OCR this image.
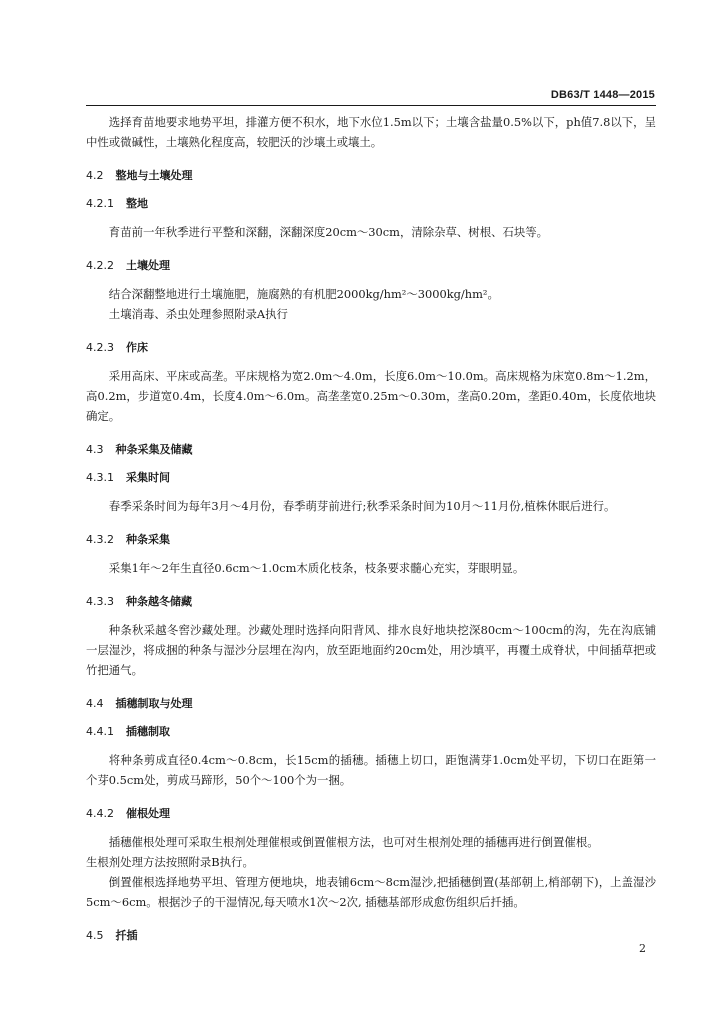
DB63/T 1448—2015

选择育苗地要求地势平坦，排灌方便不积水，地下水位1.5m以下；土壤含盐量0.5%以下，ph值7.8以下，呈中性或微碱性，土壤熟化程度高，较肥沃的沙壤土或壤土。

4.2 整地与土壤处理
4.2.1 整地

育苗前一年秋季进行平整和深翻，深翻深度20cm～30cm，清除杂草、树根、石块等。

4.2.2 土壤处理

结合深翻整地进行土壤施肥，施腐熟的有机肥2000kg/hm²～3000kg/hm²。

土壤消毒、杀虫处理参照附录A执行

4.2.3 作床

采用高床、平床或高垄。平床规格为宽2.0m～4.0m，长度6.0m～10.0m。高床规格为床宽0.8m～1.2m，高0.2m，步道宽0.4m，长度4.0m～6.0m。高垄垄宽0.25m～0.30m，垄高0.20m，垄距0.40m，长度依地块确定。

4.3 种条采集及储藏
4.3.1 采集时间

春季采条时间为每年3月～4月份，春季萌芽前进行;秋季采条时间为10月～11月份,植株休眠后进行。

4.3.2 种条采集

采集1年～2年生直径0.6cm～1.0cm木质化枝条，枝条要求髓心充实，芽眼明显。

4.3.3 种条越冬储藏

种条秋采越冬窖沙藏处理。沙藏处理时选择向阳背风、排水良好地块挖深80cm～100cm的沟，先在沟底铺一层湿沙，将成捆的种条与湿沙分层埋在沟内，放至距地面约20cm处，用沙填平，再覆土成脊状，中间插草把或竹把通气。

4.4 插穗制取与处理
4.4.1 插穗制取

将种条剪成直径0.4cm～0.8cm，长15cm的插穗。插穗上切口，距饱满芽1.0cm处平切，下切口在距第一个芽0.5cm处，剪成马蹄形，50个～100个为一捆。

4.4.2 催根处理

插穗催根处理可采取生根剂处理催根或倒置催根方法，也可对生根剂处理的插穗再进行倒置催根。

生根剂处理方法按照附录B执行。

倒置催根选择地势平坦、管理方便地块，地表铺6cm～8cm湿沙,把插穗倒置(基部朝上,梢部朝下)，上盖湿沙5cm～6cm。根据沙子的干湿情况,每天喷水1次～2次, 插穗基部形成愈伤组织后扦插。

4.5 扦插
2
